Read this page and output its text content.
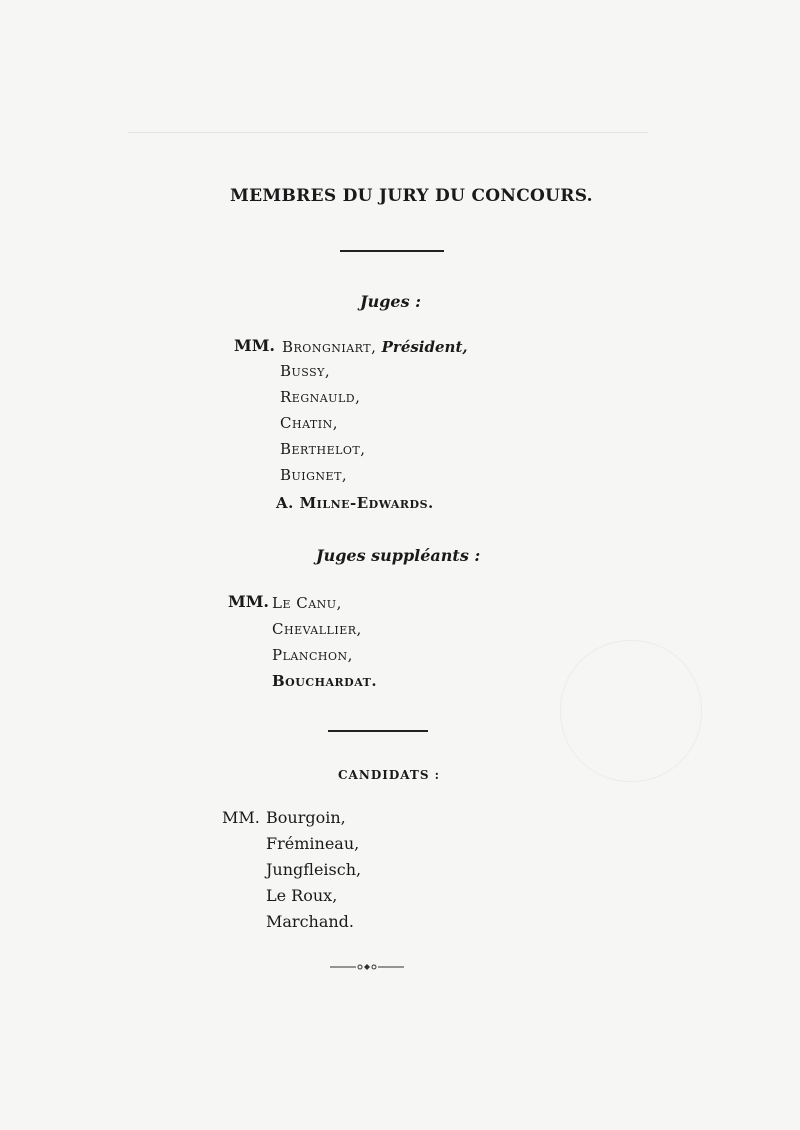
MEMBRES DU JURY DU CONCOURS.
Juges :
MM. Brongniart, Président,
Bussy,
Regnauld,
Chatin,
Berthelot,
Buignet,
A. Milne-Edwards.
Juges suppléants :
MM. Le Canu,
Chevallier,
Planchon,
Bouchardat.
CANDIDATS :
MM. Bourgoin,
Frémineau,
Jungfleisch,
Le Roux,
Marchand.
